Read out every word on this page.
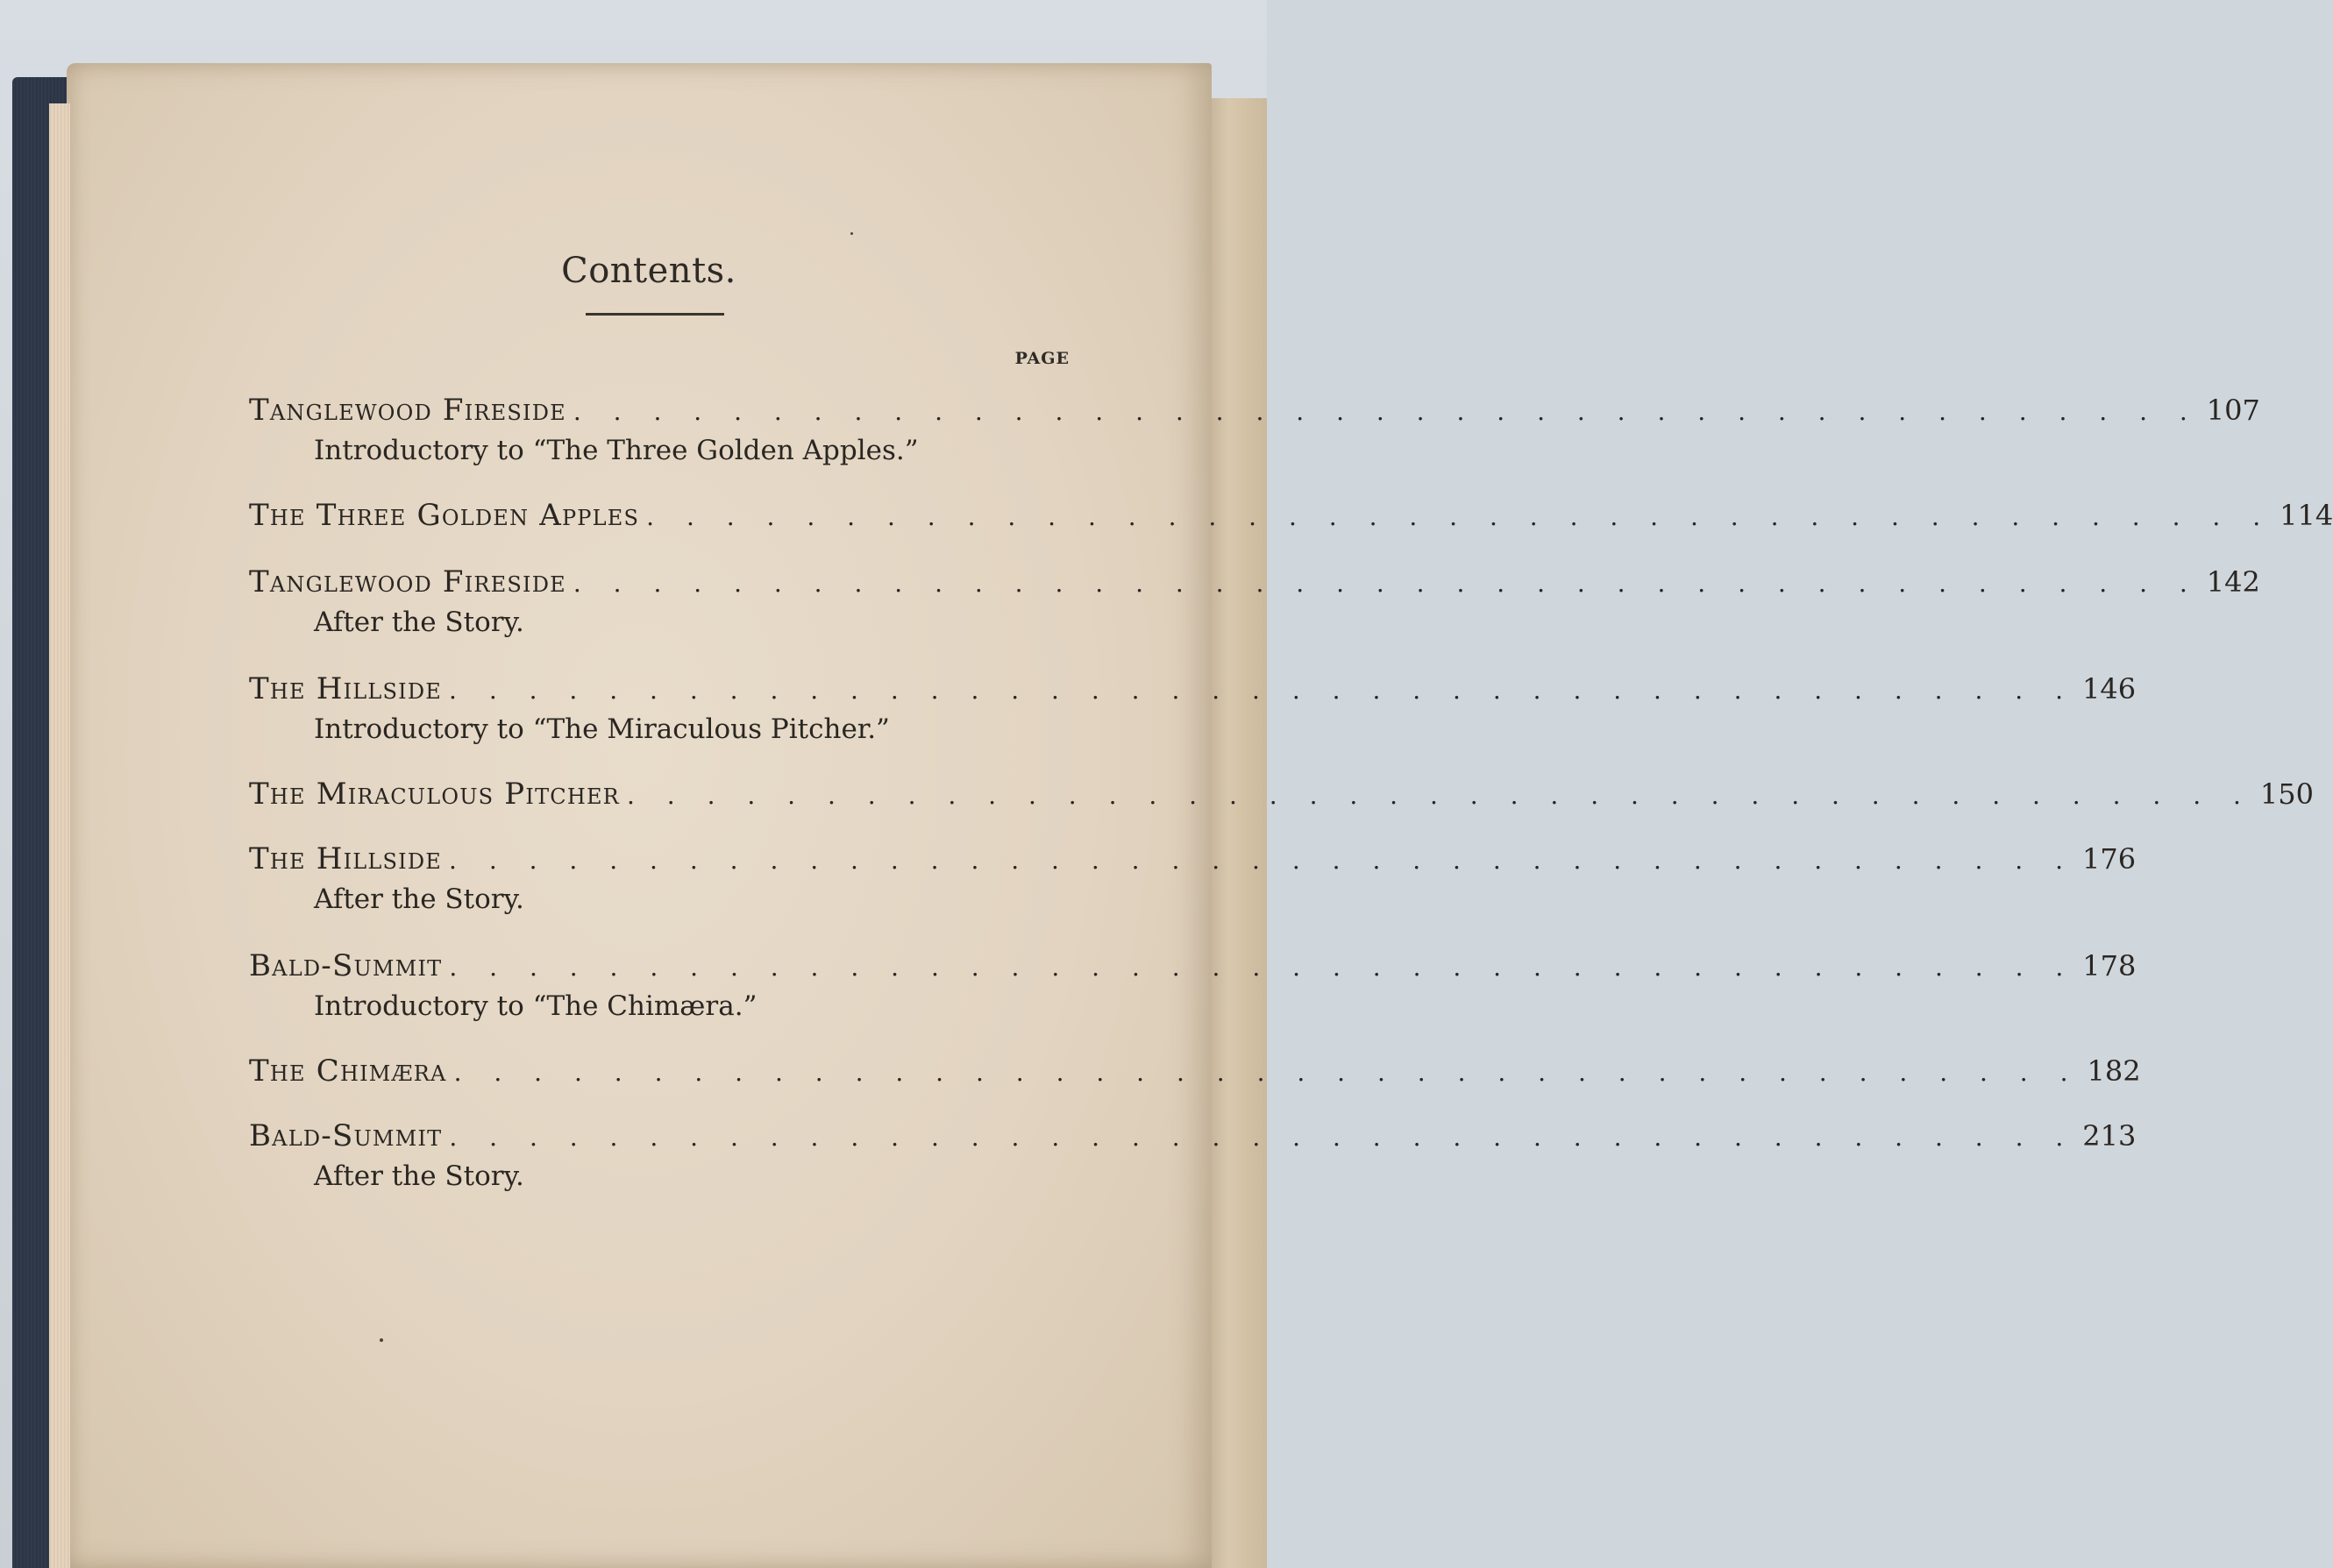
Contents.
PAGE
Tanglewood Fireside . . . . . . . . . . . . . . . . . . . . . . . . . . . . . . . . . . . . . . . . . 107
Introductory to “The Three Golden Apples.”
The Three Golden Apples . . . . . . . . . . . . . . . . . . . . . . . . . . . . . . . . . . . . . . . . . 114
Tanglewood Fireside . . . . . . . . . . . . . . . . . . . . . . . . . . . . . . . . . . . . . . . . . 142
After the Story.
The Hillside . . . . . . . . . . . . . . . . . . . . . . . . . . . . . . . . . . . . . . . . . 146
Introductory to “The Miraculous Pitcher.”
The Miraculous Pitcher . . . . . . . . . . . . . . . . . . . . . . . . . . . . . . . . . . . . . . . . . 150
The Hillside . . . . . . . . . . . . . . . . . . . . . . . . . . . . . . . . . . . . . . . . . 176
After the Story.
Bald-Summit . . . . . . . . . . . . . . . . . . . . . . . . . . . . . . . . . . . . . . . . . 178
Introductory to “The Chimæra.”
The Chimæra . . . . . . . . . . . . . . . . . . . . . . . . . . . . . . . . . . . . . . . . . 182
Bald-Summit . . . . . . . . . . . . . . . . . . . . . . . . . . . . . . . . . . . . . . . . . 213
After the Story.
